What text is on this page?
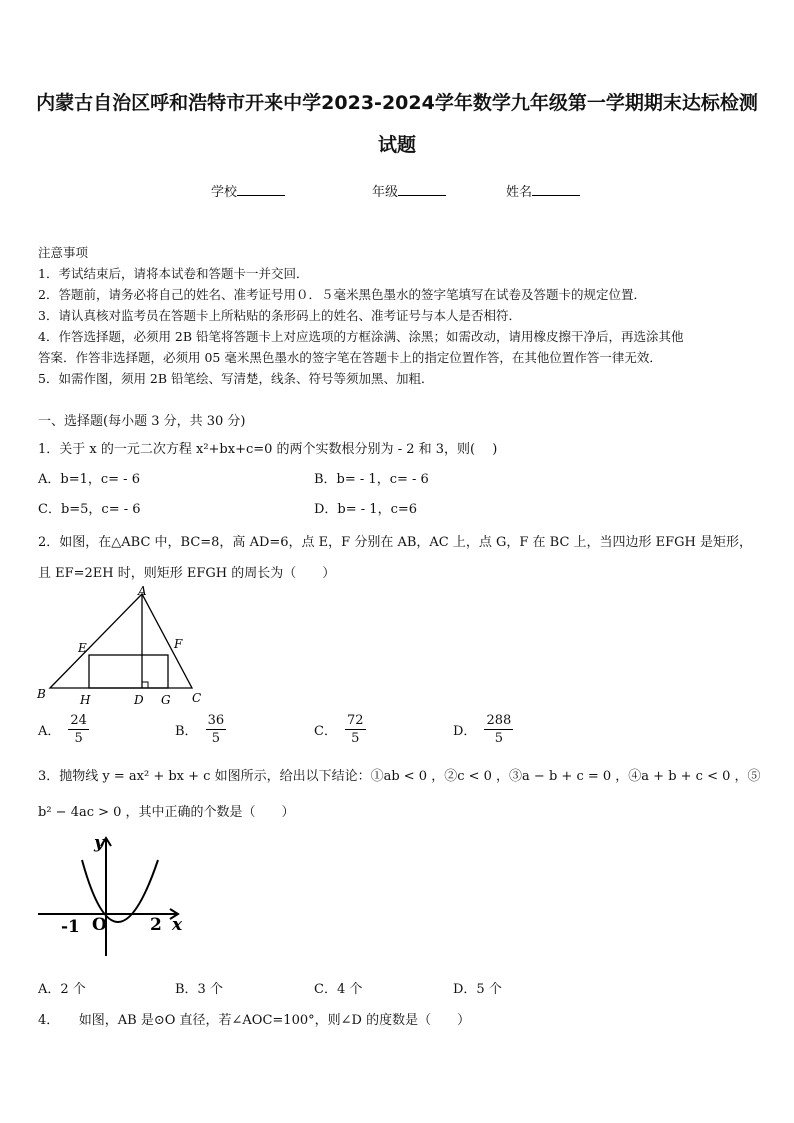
内蒙古自治区呼和浩特市开来中学2023-2024学年数学九年级第一学期期末达标检测
试题
学校	年级	姓名
注意事项
1．考试结束后，请将本试卷和答题卡一并交回．
2．答题前，请务必将自己的姓名、准考证号用０．５毫米黑色墨水的签字笔填写在试卷及答题卡的规定位置．
3．请认真核对监考员在答题卡上所粘贴的条形码上的姓名、准考证号与本人是否相符．
4．作答选择题，必须用 2B 铅笔将答题卡上对应选项的方框涂满、涂黑；如需改动，请用橡皮擦干净后，再选涂其他
答案．作答非选择题，必须用 05 毫米黑色墨水的签字笔在答题卡上的指定位置作答，在其他位置作答一律无效．
5．如需作图，须用 2B 铅笔绘、写清楚，线条、符号等须加黑、加粗．
一、选择题(每小题 3 分，共 30 分)
1．关于 x 的一元二次方程 x²+bx+c=0 的两个实数根分别为 - 2 和 3，则(　 )
A．b=1，c= - 6	B．b= - 1，c= - 6
C．b=5，c= - 6	D．b= - 1，c=6
2．如图，在△ABC 中，BC=8，高 AD=6，点 E，F 分别在 AB，AC 上，点 G，F 在 BC 上，当四边形 EFGH 是矩形，
且 EF=2EH 时，则矩形 EFGH 的周长为（　　）
A
B	C
D
E	F
G
H
A． $\frac{24}{5}$	B． $\frac{36}{5}$	C． $\frac{72}{5}$	D． $\frac{288}{5}$
3．抛物线 y = ax² + bx + c 如图所示，给出以下结论：①ab < 0 ，②c < 0 ，③a − b + c = 0 ，④a + b + c < 0 ，⑤
b² − 4ac > 0 ，其中正确的个数是（　　）
y
x
-1 O	2
A．2 个	B．3 个	C．4 个	D．5 个
4．　　如图，AB 是⊙O 直径，若∠AOC=100°，则∠D 的度数是（　　）
